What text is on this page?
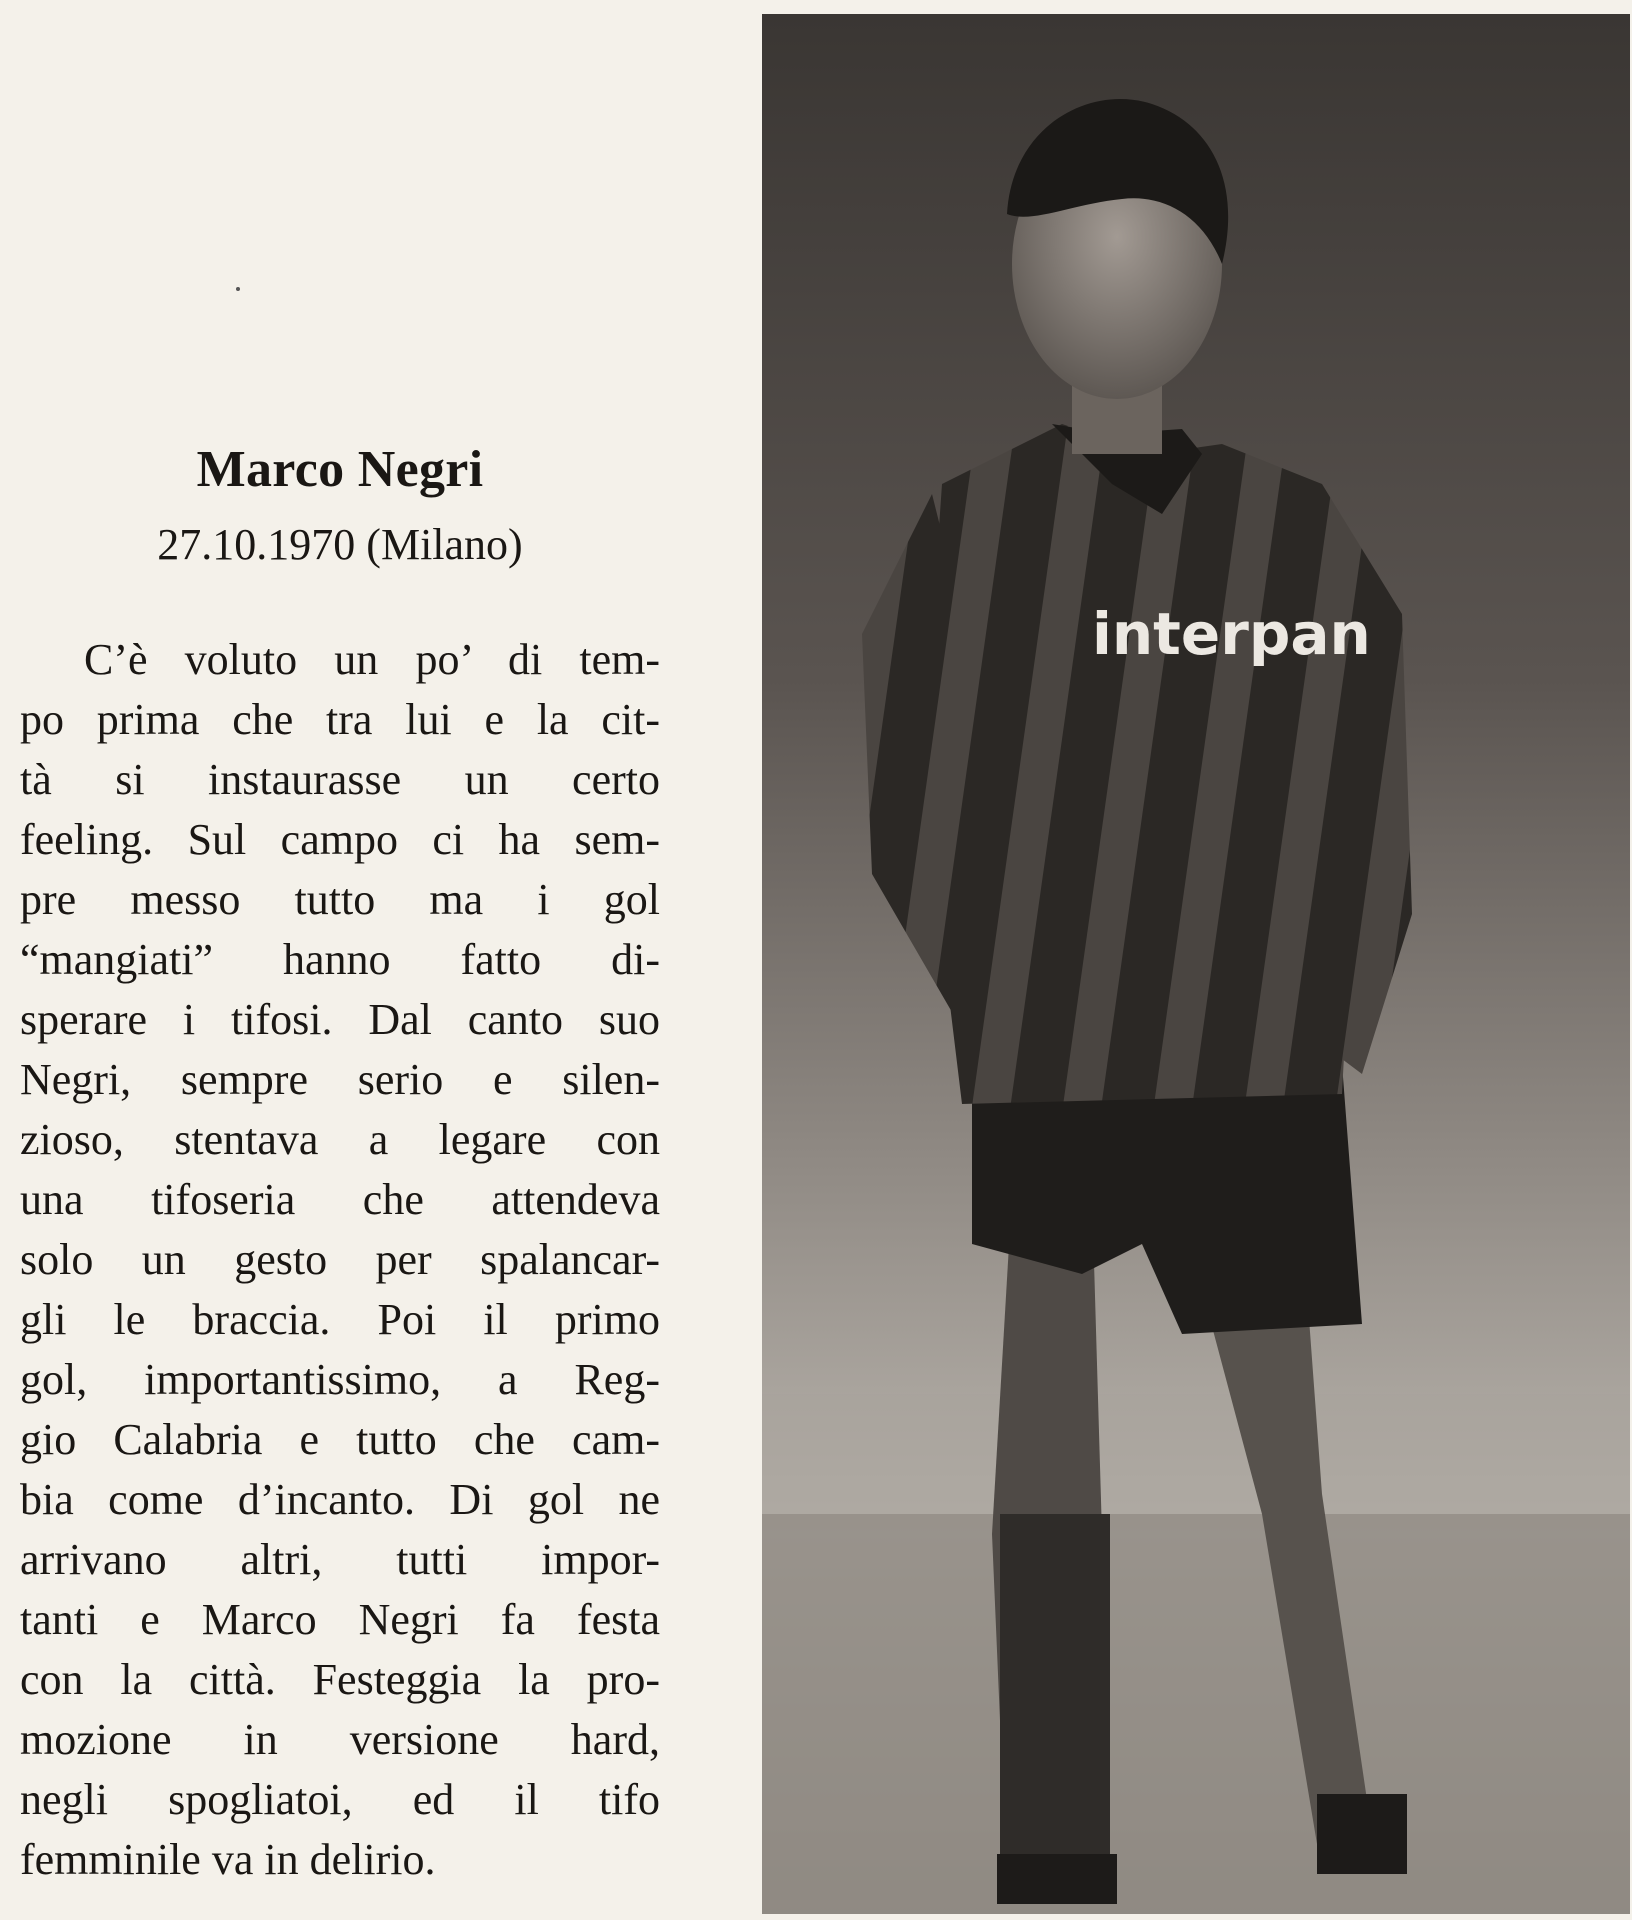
Marco Negri
27.10.1970 (Milano)
C’è voluto un po’ di tem-
po prima che tra lui e la cit-
tà si instaurasse un certo
feeling. Sul campo ci ha sem-
pre messo tutto ma i gol
“mangiati” hanno fatto di-
sperare i tifosi. Dal canto suo
Negri, sempre serio e silen-
zioso, stentava a legare con
una tifoseria che attendeva
solo un gesto per spalancar-
gli le braccia. Poi il primo
gol, importantissimo, a Reg-
gio Calabria e tutto che cam-
bia come d’incanto. Di gol ne
arrivano altri, tutti impor-
tanti e Marco Negri fa festa
con la città. Festeggia la pro-
mozione in versione hard,
negli spogliatoi, ed il tifo
femminile va in delirio.
interpan
